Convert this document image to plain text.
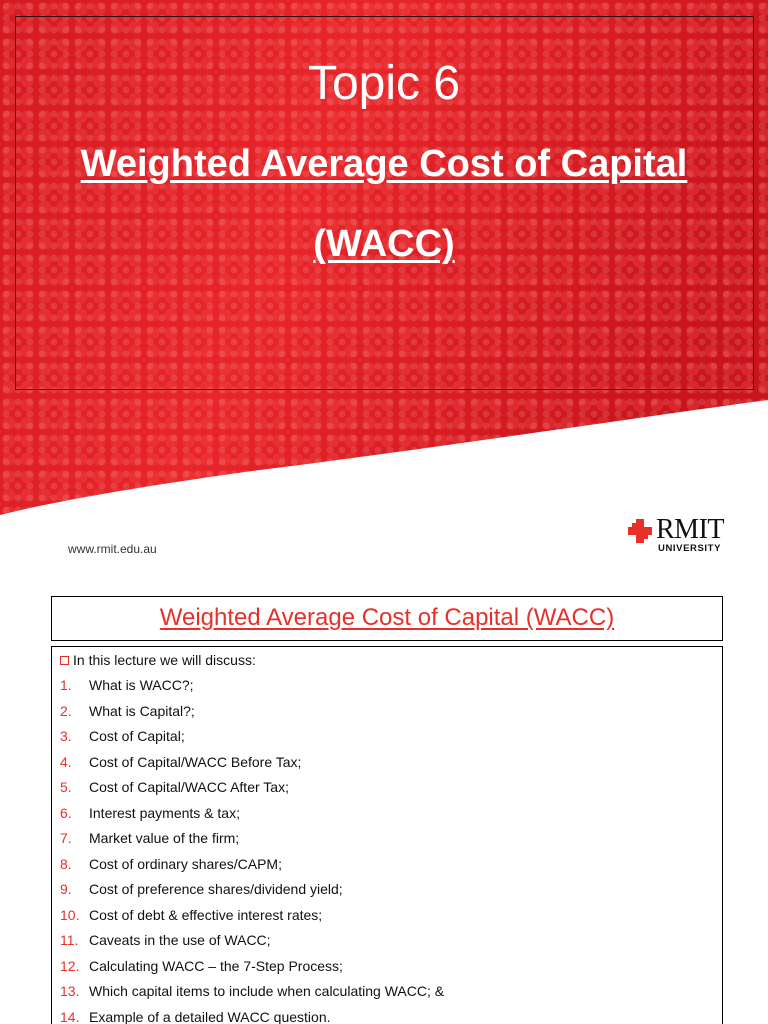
Topic 6
Weighted Average Cost of Capital
(WACC)
www.rmit.edu.au
RMIT
UNIVERSITY
Weighted Average Cost of Capital (WACC)
In this lecture we will discuss:
1.	What is WACC?;
2.	What is Capital?;
3.	Cost of Capital;
4.	Cost of Capital/WACC Before Tax;
5.	Cost of Capital/WACC After Tax;
6.	Interest payments & tax;
7.	Market value of the firm;
8.	Cost of ordinary shares/CAPM;
9.	Cost of preference shares/dividend yield;
10. Cost of debt & effective interest rates;
11. Caveats in the use of WACC;
12. Calculating WACC – the 7-Step Process;
13. Which capital items to include when calculating WACC; &
14. Example of a detailed WACC question.
